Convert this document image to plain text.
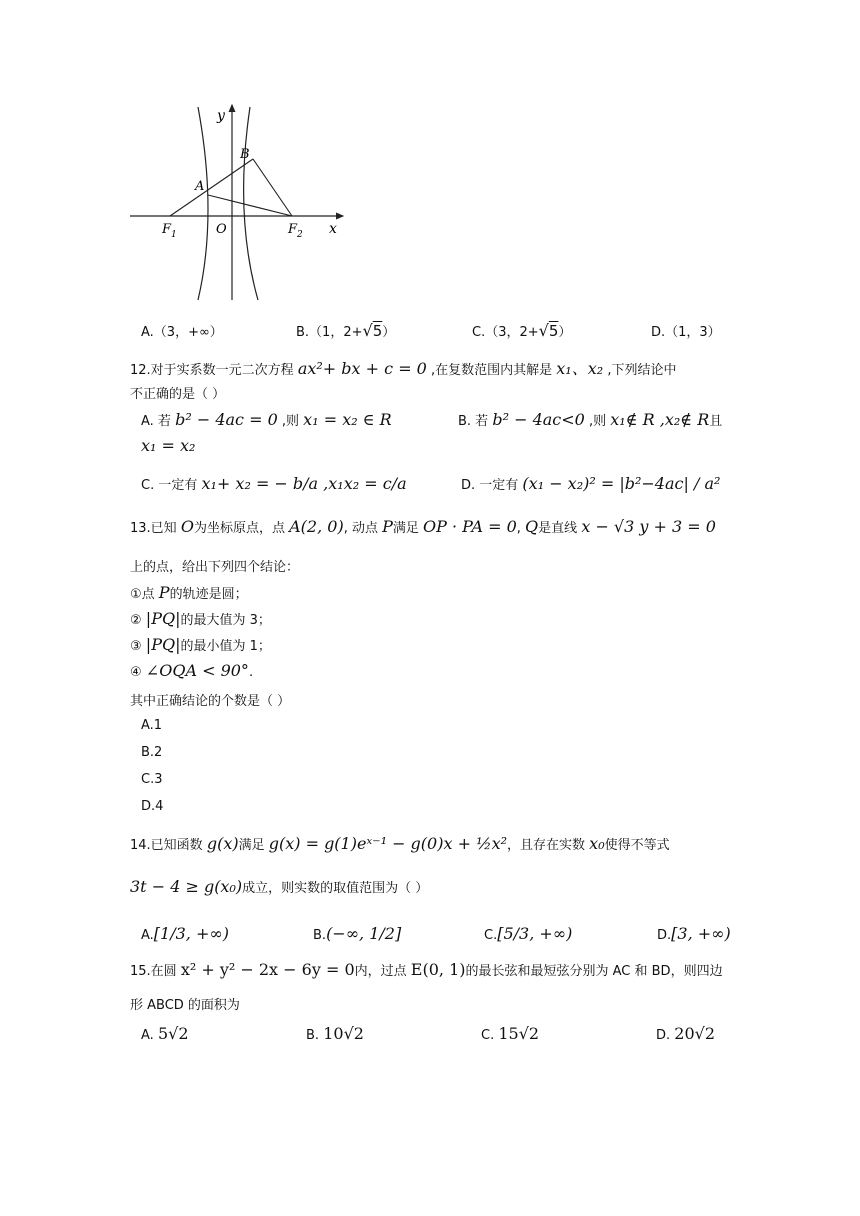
y
x
B
A
$F_1$	O	$F_2$
A.（3，+∞）	B.（1，2+√5）	C.（3，2+√5）	D.（1，3）
12.对于实系数一元二次方程 ax²+ bx + c = 0 ,在复数范围内其解是 x₁、x₂ ,下列结论中
不正确的是（ ）
A. 若 b² − 4ac = 0 ,则 x₁ = x₂ ∈ R	B. 若 b² − 4ac<0 ,则 x₁∉ R ,x₂∉ R且
x₁ = x₂
C. 一定有 x₁+ x₂ = − b/a ,x₁x₂ = c/a	D. 一定有 (x₁ − x₂)² = |b²−4ac| / a²
13.已知 O为坐标原点，点 A(2, 0), 动点 P满足 OP · PA = 0, Q是直线 x − √3 y + 3 = 0
上的点，给出下列四个结论：
①点 P的轨迹是圆；
② |PQ|的最大值为 3；
③ |PQ|的最小值为 1；
④ ∠OQA < 90°.
其中正确结论的个数是（ ）
A.1
B.2
C.3
D.4
14.已知函数 g(x)满足 g(x) = g(1)eˣ⁻¹ − g(0)x + ½x²，且存在实数 x₀使得不等式
3t − 4 ≥ g(x₀)成立，则实数的取值范围为（ ）
A.[1/3, +∞)	B.(−∞, 1/2]	C.[5/3, +∞)	D.[3, +∞)
15.在圆 x² + y² − 2x − 6y = 0内，过点 E(0, 1)的最长弦和最短弦分别为 AC 和 BD，则四边
形 ABCD 的面积为
A. 5√2	B. 10√2	C. 15√2	D. 20√2
